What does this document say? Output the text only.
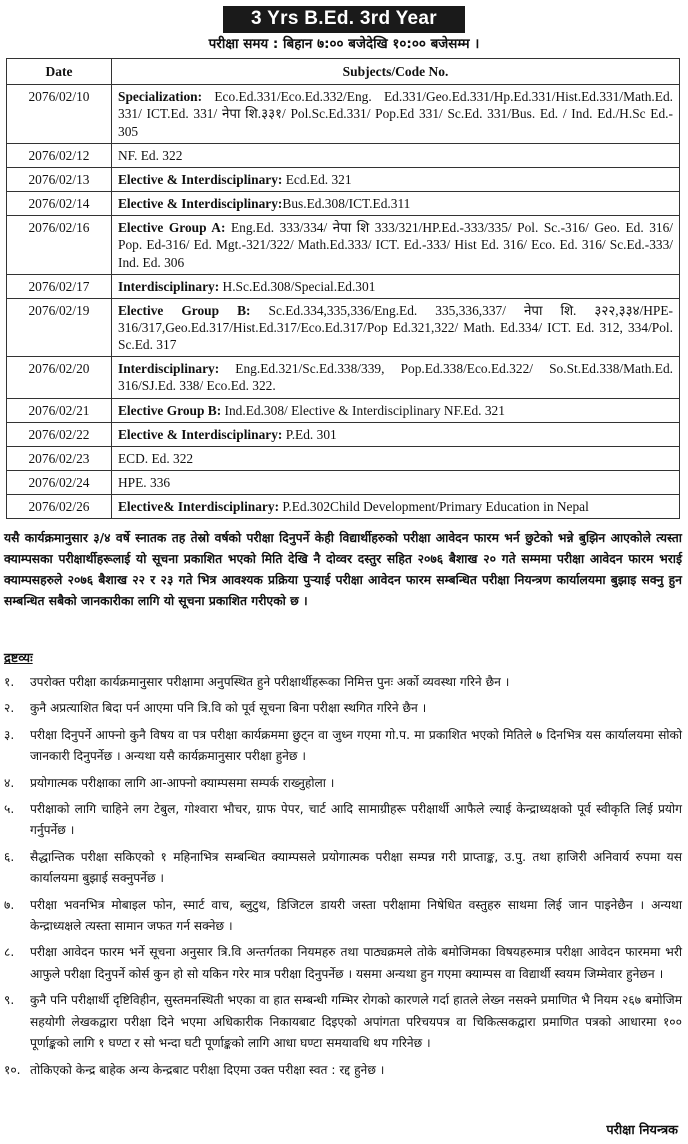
3 Yrs B.Ed. 3rd Year
परीक्षा समय : बिहान ७:०० बजेदेखि १०:०० बजेसम्म ।
Date	Subjects/Code No.
2076/02/10	Specialization: Eco.Ed.331/Eco.Ed.332/Eng. Ed.331/Geo.Ed.331/Hp.Ed.331/Hist.Ed.331/Math.Ed. 331/ ICT.Ed. 331/ नेपा शि.३३१/ Pol.Sc.Ed.331/ Pop.Ed 331/ Sc.Ed. 331/Bus. Ed. / Ind. Ed./H.Sc Ed.- 305
2076/02/12	NF. Ed. 322
2076/02/13	Elective & Interdisciplinary: Ecd.Ed. 321
2076/02/14	Elective & Interdisciplinary:Bus.Ed.308/ICT.Ed.311
2076/02/16	Elective Group A: Eng.Ed. 333/334/ नेपा शि 333/321/HP.Ed.-333/335/ Pol. Sc.-316/ Geo. Ed. 316/ Pop. Ed-316/ Ed. Mgt.-321/322/ Math.Ed.333/ ICT. Ed.-333/ Hist Ed. 316/ Eco. Ed. 316/ Sc.Ed.-333/ Ind. Ed. 306
2076/02/17	Interdisciplinary: H.Sc.Ed.308/Special.Ed.301
2076/02/19	Elective Group B: Sc.Ed.334,335,336/Eng.Ed. 335,336,337/ नेपा शि. ३२२,३३४/HPE-316/317,Geo.Ed.317/Hist.Ed.317/Eco.Ed.317/Pop Ed.321,322/ Math. Ed.334/ ICT. Ed. 312, 334/Pol. Sc.Ed. 317
2076/02/20	Interdisciplinary: Eng.Ed.321/Sc.Ed.338/339, Pop.Ed.338/Eco.Ed.322/ So.St.Ed.338/Math.Ed. 316/SJ.Ed. 338/ Eco.Ed. 322.
2076/02/21	Elective Group B: Ind.Ed.308/ Elective & Interdisciplinary NF.Ed. 321
2076/02/22	Elective & Interdisciplinary: P.Ed. 301
2076/02/23	ECD. Ed. 322
2076/02/24	HPE. 336
2076/02/26	Elective& Interdisciplinary: P.Ed.302Child Development/Primary Education in Nepal
यसै कार्यक्रमानुसार ३/४ वर्षे स्नातक तह तेस्रो वर्षको परीक्षा दिनुपर्ने केही विद्यार्थीहरुको परीक्षा आवेदन फारम भर्न छुटेको भन्ने बुझिन आएकोले त्यस्ता क्याम्पसका परीक्षार्थीहरूलाई यो सूचना प्रकाशित भएको मिति देखि नै दोव्वर दस्तुर सहित २०७६ बैशाख २० गते सम्ममा परीक्षा आवेदन फारम भराई क्याम्पसहरुले २०७६ बैशाख २२ र २३ गते भित्र आवश्यक प्रक्रिया पुऱ्याई परीक्षा आवेदन फारम सम्बन्धित परीक्षा नियन्त्रण कार्यालयमा बुझाइ सक्नु हुन सम्बन्धित सबैको जानकारीका लागि यो सूचना प्रकाशित गरीएको छ ।
द्रष्टव्यः
१.	उपरोक्त परीक्षा कार्यक्रमानुसार परीक्षामा अनुपस्थित हुने परीक्षार्थीहरूका निमित्त पुनः अर्को व्यवस्था गरिने छैन ।
२.	कुनै अप्रत्याशित बिदा पर्न आएमा पनि त्रि.वि को पूर्व सूचना बिना परीक्षा स्थगित गरिने छैन ।
३.	परीक्षा दिनुपर्ने आफ्नो कुनै विषय वा पत्र परीक्षा कार्यक्रममा छुट्न वा जुध्न गएमा गो.प. मा प्रकाशित भएको मितिले ७ दिनभित्र यस कार्यालयमा सोको जानकारी दिनुपर्नेछ । अन्यथा यसै कार्यक्रमानुसार परीक्षा हुनेछ ।
४.	प्रयोगात्मक परीक्षाका लागि आ-आफ्नो क्याम्पसमा सम्पर्क राख्नुहोला ।
५.	परीक्षाको लागि चाहिने लग टेबुल, गोश्वारा भौचर, ग्राफ पेपर, चार्ट आदि सामाग्रीहरू परीक्षार्थी आफैले ल्याई केन्द्राध्यक्षको पूर्व स्वीकृति लिई प्रयोग गर्नुपर्नेछ ।
६.	सैद्धान्तिक परीक्षा सकिएको १ महिनाभित्र सम्बन्धित क्याम्पसले प्रयोगात्मक परीक्षा सम्पन्न गरी प्राप्ताङ्क, उ.पु. तथा हाजिरी अनिवार्य रुपमा यस कार्यालयमा बुझाई सक्नुपर्नेछ ।
७.	परीक्षा भवनभित्र मोबाइल फोन, स्मार्ट वाच, ब्लुटुथ, डिजिटल डायरी जस्ता परीक्षामा निषेधित वस्तुहरु साथमा लिई जान पाइनेछैन । अन्यथा केन्द्राध्यक्षले त्यस्ता सामान जफत गर्न सक्नेछ ।
८.	परीक्षा आवेदन फारम भर्ने सूचना अनुसार त्रि.वि अन्तर्गतका नियमहरु तथा पाठ्यक्रमले तोके बमोजिमका विषयहरुमात्र परीक्षा आवेदन फारममा भरी आफुले परीक्षा दिनुपर्ने कोर्स कुन हो सो यकिन गरेर मात्र परीक्षा दिनुपर्नेछ । यसमा अन्यथा हुन गएमा क्याम्पस वा विद्यार्थी स्वयम जिम्मेवार हुनेछन ।
९.	कुनै पनि परीक्षार्थी दृष्टिविहीन, सुस्तमनस्थिती भएका वा हात सम्बन्धी गम्भिर रोगको कारणले गर्दा हातले लेख्न नसक्ने प्रमाणित भै नियम २६७ बमोजिम सहयोगी लेखकद्वारा परीक्षा दिने भएमा अधिकारीक निकायबाट दिइएको अपांगता परिचयपत्र वा चिकित्सकद्वारा प्रमाणित पत्रको आधारमा १०० पूर्णाङ्कको लागि १ घण्टा र सो भन्दा घटी पूर्णाङ्कको लागि आधा घण्टा समयावधि थप गरिनेछ ।
१०. तोकिएको केन्द्र बाहेक अन्य केन्द्रबाट परीक्षा दिएमा उक्त परीक्षा स्वत : रद्द हुनेछ ।
परीक्षा नियन्त्रक
